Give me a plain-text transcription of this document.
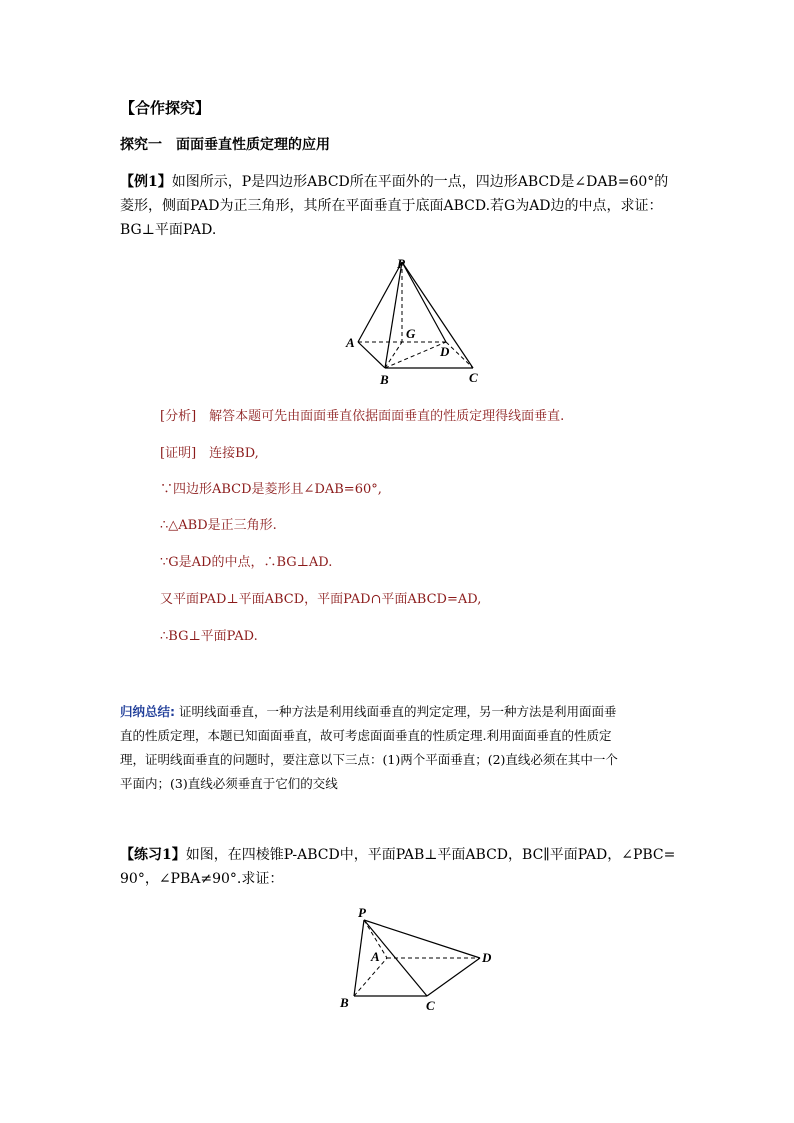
【合作探究】
探究一　面面垂直性质定理的应用
【例1】如图所示，P是四边形ABCD所在平面外的一点，四边形ABCD是∠DAB=60°的
菱形，侧面PAD为正三角形，其所在平面垂直于底面ABCD.若G为AD边的中点，求证：
BG⊥平面PAD.
P
A
G
D
B	C
[分析]　解答本题可先由面面垂直依据面面垂直的性质定理得线面垂直.
[证明]　连接BD,
∵四边形ABCD是菱形且∠DAB=60°,
∴△ABD是正三角形.
∵G是AD的中点，∴BG⊥AD.
又平面PAD⊥平面ABCD，平面PAD∩平面ABCD=AD,
∴BG⊥平面PAD.
归纳总结: 证明线面垂直，一种方法是利用线面垂直的判定定理，另一种方法是利用面面垂
直的性质定理，本题已知面面垂直，故可考虑面面垂直的性质定理.利用面面垂直的性质定
理，证明线面垂直的问题时，要注意以下三点：(1)两个平面垂直；(2)直线必须在其中一个
平面内；(3)直线必须垂直于它们的交线
【练习1】如图，在四棱锥P-ABCD中，平面PAB⊥平面ABCD，BC∥平面PAD，∠PBC=
90°，∠PBA≠90°.求证：
P
A	D
B	C
